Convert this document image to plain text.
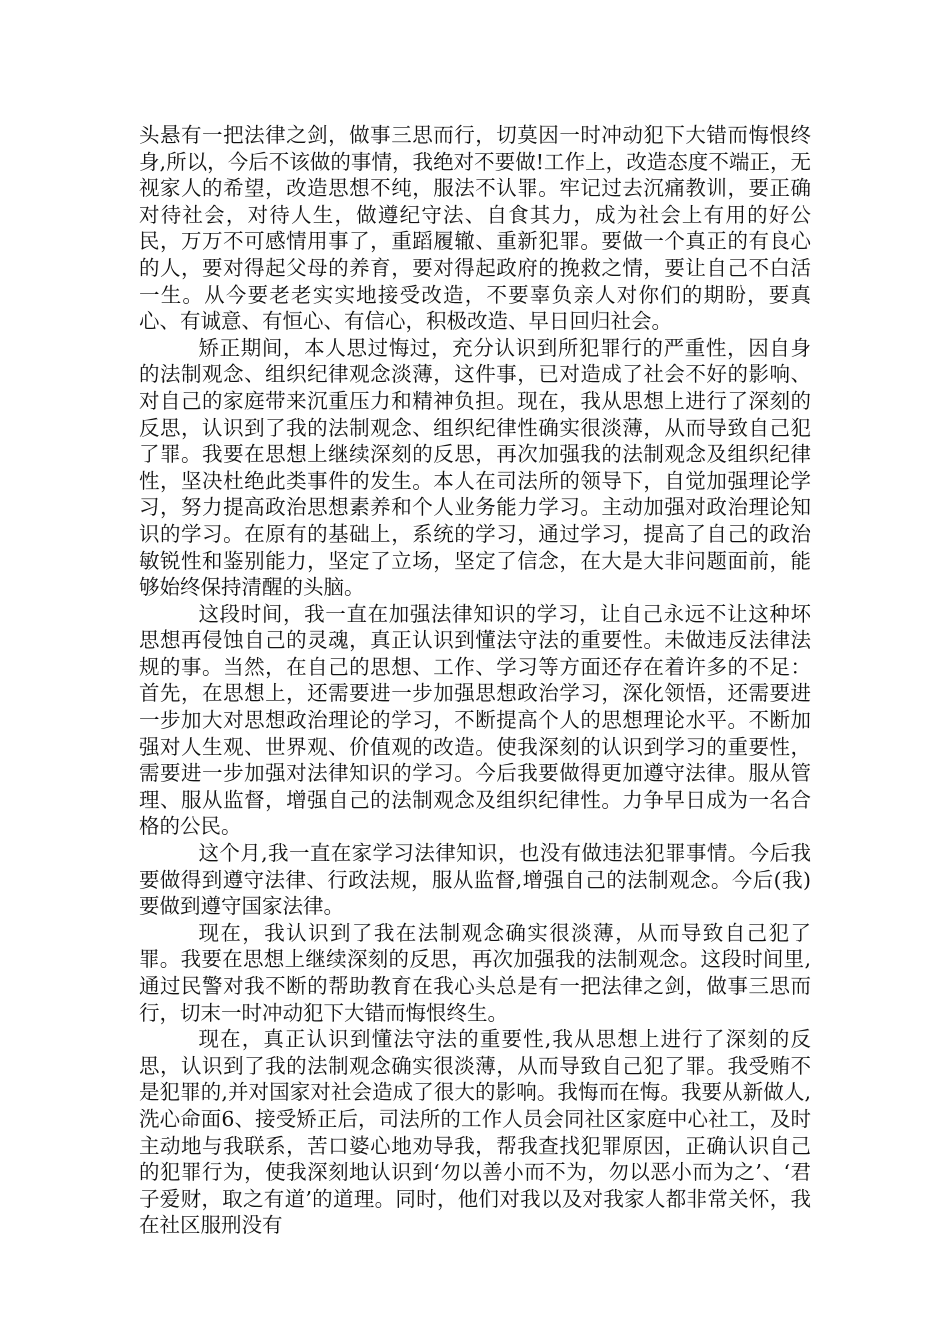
头悬有一把法律之剑，做事三思而行，切莫因一时冲动犯下大错而悔恨终身,所以，今后不该做的事情，我绝对不要做!工作上，改造态度不端正，无视家人的希望，改造思想不纯，服法不认罪。牢记过去沉痛教训，要正确对待社会，对待人生，做遵纪守法、自食其力，成为社会上有用的好公民，万万不可感情用事了，重蹈履辙、重新犯罪。要做一个真正的有良心的人，要对得起父母的养育，要对得起政府的挽救之情，要让自己不白活一生。从今要老老实实地接受改造，不要辜负亲人对你们的期盼，要真心、有诚意、有恒心、有信心，积极改造、早日回归社会。

矫正期间，本人思过悔过，充分认识到所犯罪行的严重性，因自身的法制观念、组织纪律观念淡薄，这件事，已对造成了社会不好的影响、对自己的家庭带来沉重压力和精神负担。现在，我从思想上进行了深刻的反思，认识到了我的法制观念、组织纪律性确实很淡薄，从而导致自己犯了罪。我要在思想上继续深刻的反思，再次加强我的法制观念及组织纪律性，坚决杜绝此类事件的发生。本人在司法所的领导下，自觉加强理论学习，努力提高政治思想素养和个人业务能力学习。主动加强对政治理论知识的学习。在原有的基础上，系统的学习，通过学习，提高了自己的政治敏锐性和鉴别能力，坚定了立场，坚定了信念，在大是大非问题面前，能够始终保持清醒的头脑。

这段时间，我一直在加强法律知识的学习，让自己永远不让这种坏思想再侵蚀自己的灵魂，真正认识到懂法守法的重要性。未做违反法律法规的事。当然，在自己的思想、工作、学习等方面还存在着许多的不足：首先，在思想上，还需要进一步加强思想政治学习，深化领悟，还需要进一步加大对思想政治理论的学习，不断提高个人的思想理论水平。不断加强对人生观、世界观、价值观的改造。使我深刻的认识到学习的重要性，需要进一步加强对法律知识的学习。今后我要做得更加遵守法律。服从管理、服从监督，增强自己的法制观念及组织纪律性。力争早日成为一名合格的公民。

这个月,我一直在家学习法律知识，也没有做违法犯罪事情。今后我要做得到遵守法律、行政法规，服从监督,增强自己的法制观念。今后(我)要做到遵守国家法律。

现在，我认识到了我在法制观念确实很淡薄，从而导致自己犯了罪。我要在思想上继续深刻的反思，再次加强我的法制观念。这段时间里,通过民警对我不断的帮助教育在我心头总是有一把法律之剑，做事三思而行，切末一时冲动犯下大错而悔恨终生。

现在，真正认识到懂法守法的重要性,我从思想上进行了深刻的反思，认识到了我的法制观念确实很淡薄，从而导致自己犯了罪。我受贿不是犯罪的,并对国家对社会造成了很大的影响。我悔而在悔。我要从新做人,洗心命面6、接受矫正后，司法所的工作人员会同社区家庭中心社工，及时主动地与我联系，苦口婆心地劝导我，帮我查找犯罪原因，正确认识自己的犯罪行为，使我深刻地认识到‘勿以善小而不为，勿以恶小而为之’、‘君子爱财，取之有道’的道理。同时，他们对我以及对我家人都非常关怀，我在社区服刑没有
